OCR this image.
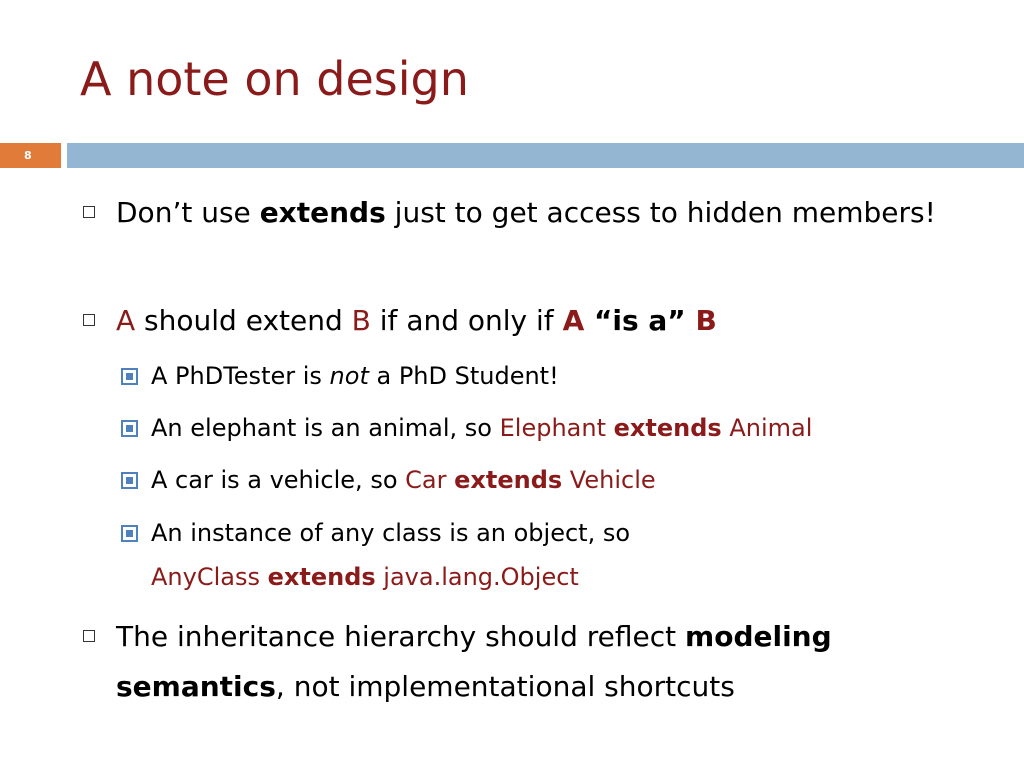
A note on design
8
Don’t use extends just to get access to hidden members!
A should extend B if and only if A “is a” B
A PhDTester is not a PhD Student!
An elephant is an animal, so Elephant extends Animal
A car is a vehicle, so Car extends Vehicle
An instance of any class is an object, so
AnyClass extends java.lang.Object
The inheritance hierarchy should reflect modeling semantics, not implementational shortcuts
